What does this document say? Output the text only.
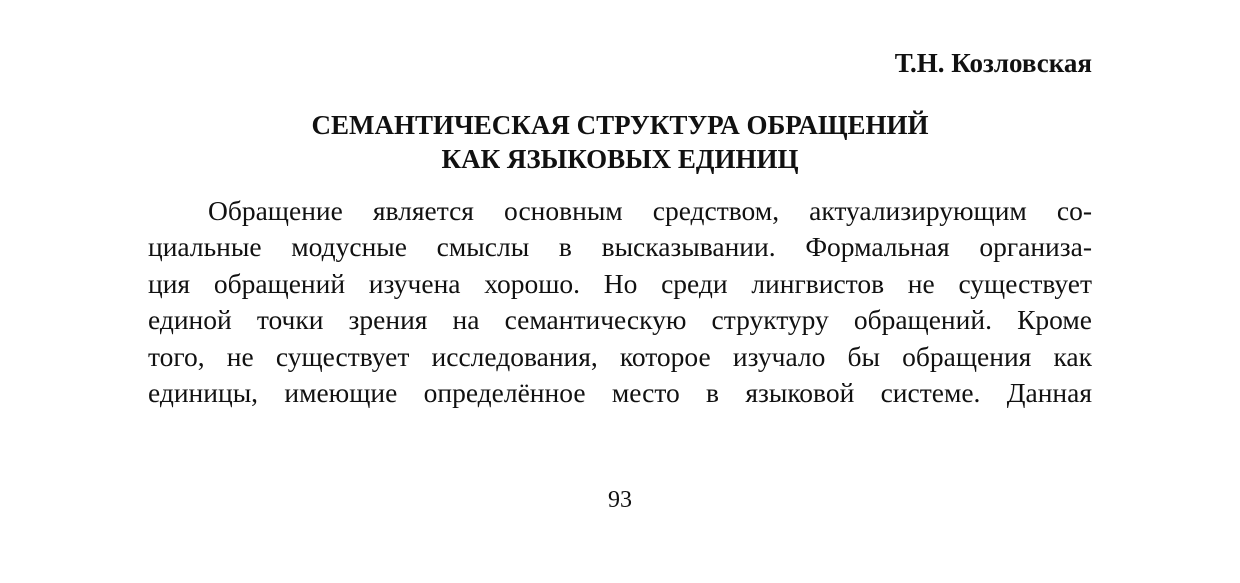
Т.Н. Козловская
СЕМАНТИЧЕСКАЯ СТРУКТУРА ОБРАЩЕНИЙ
КАК ЯЗЫКОВЫХ ЕДИНИЦ
Обращение является основным средством, актуализирующим со-
циальные модусные смыслы в высказывании. Формальная организа-
ция обращений изучена хорошо. Но среди лингвистов не существует
единой точки зрения на семантическую структуру обращений. Кроме
того, не существует исследования, которое изучало бы обращения как
единицы, имеющие определённое место в языковой системе. Данная
93
